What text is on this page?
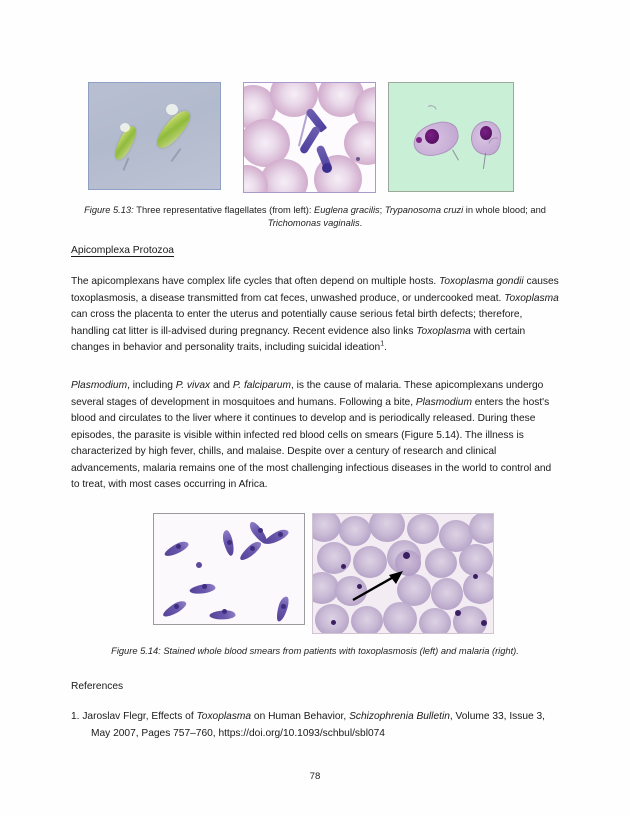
Figure 5.13: Three representative flagellates (from left): Euglena gracilis; Trypanosoma cruzi in whole blood; and Trichomonas vaginalis.
Apicomplexa Protozoa
The apicomplexans have complex life cycles that often depend on multiple hosts. Toxoplasma gondii causes toxoplasmosis, a disease transmitted from cat feces, unwashed produce, or undercooked meat. Toxoplasma can cross the placenta to enter the uterus and potentially cause serious fetal birth defects; therefore, handling cat litter is ill-advised during pregnancy. Recent evidence also links Toxoplasma with certain changes in behavior and personality traits, including suicidal ideation$^1$.
Plasmodium, including P. vivax and P. falciparum, is the cause of malaria. These apicomplexans undergo several stages of development in mosquitoes and humans. Following a bite, Plasmodium enters the host's blood and circulates to the liver where it continues to develop and is periodically released. During these episodes, the parasite is visible within infected red blood cells on smears (Figure 5.14). The illness is characterized by high fever, chills, and malaise. Despite over a century of research and clinical advancements, malaria remains one of the most challenging infectious diseases in the world to control and to treat, with most cases occurring in Africa.
Figure 5.14: Stained whole blood smears from patients with toxoplasmosis (left) and malaria (right).
References
1. Jaroslav Flegr, Effects of Toxoplasma on Human Behavior, Schizophrenia Bulletin, Volume 33, Issue 3, May 2007, Pages 757–760, https://doi.org/10.1093/schbul/sbl074
78
